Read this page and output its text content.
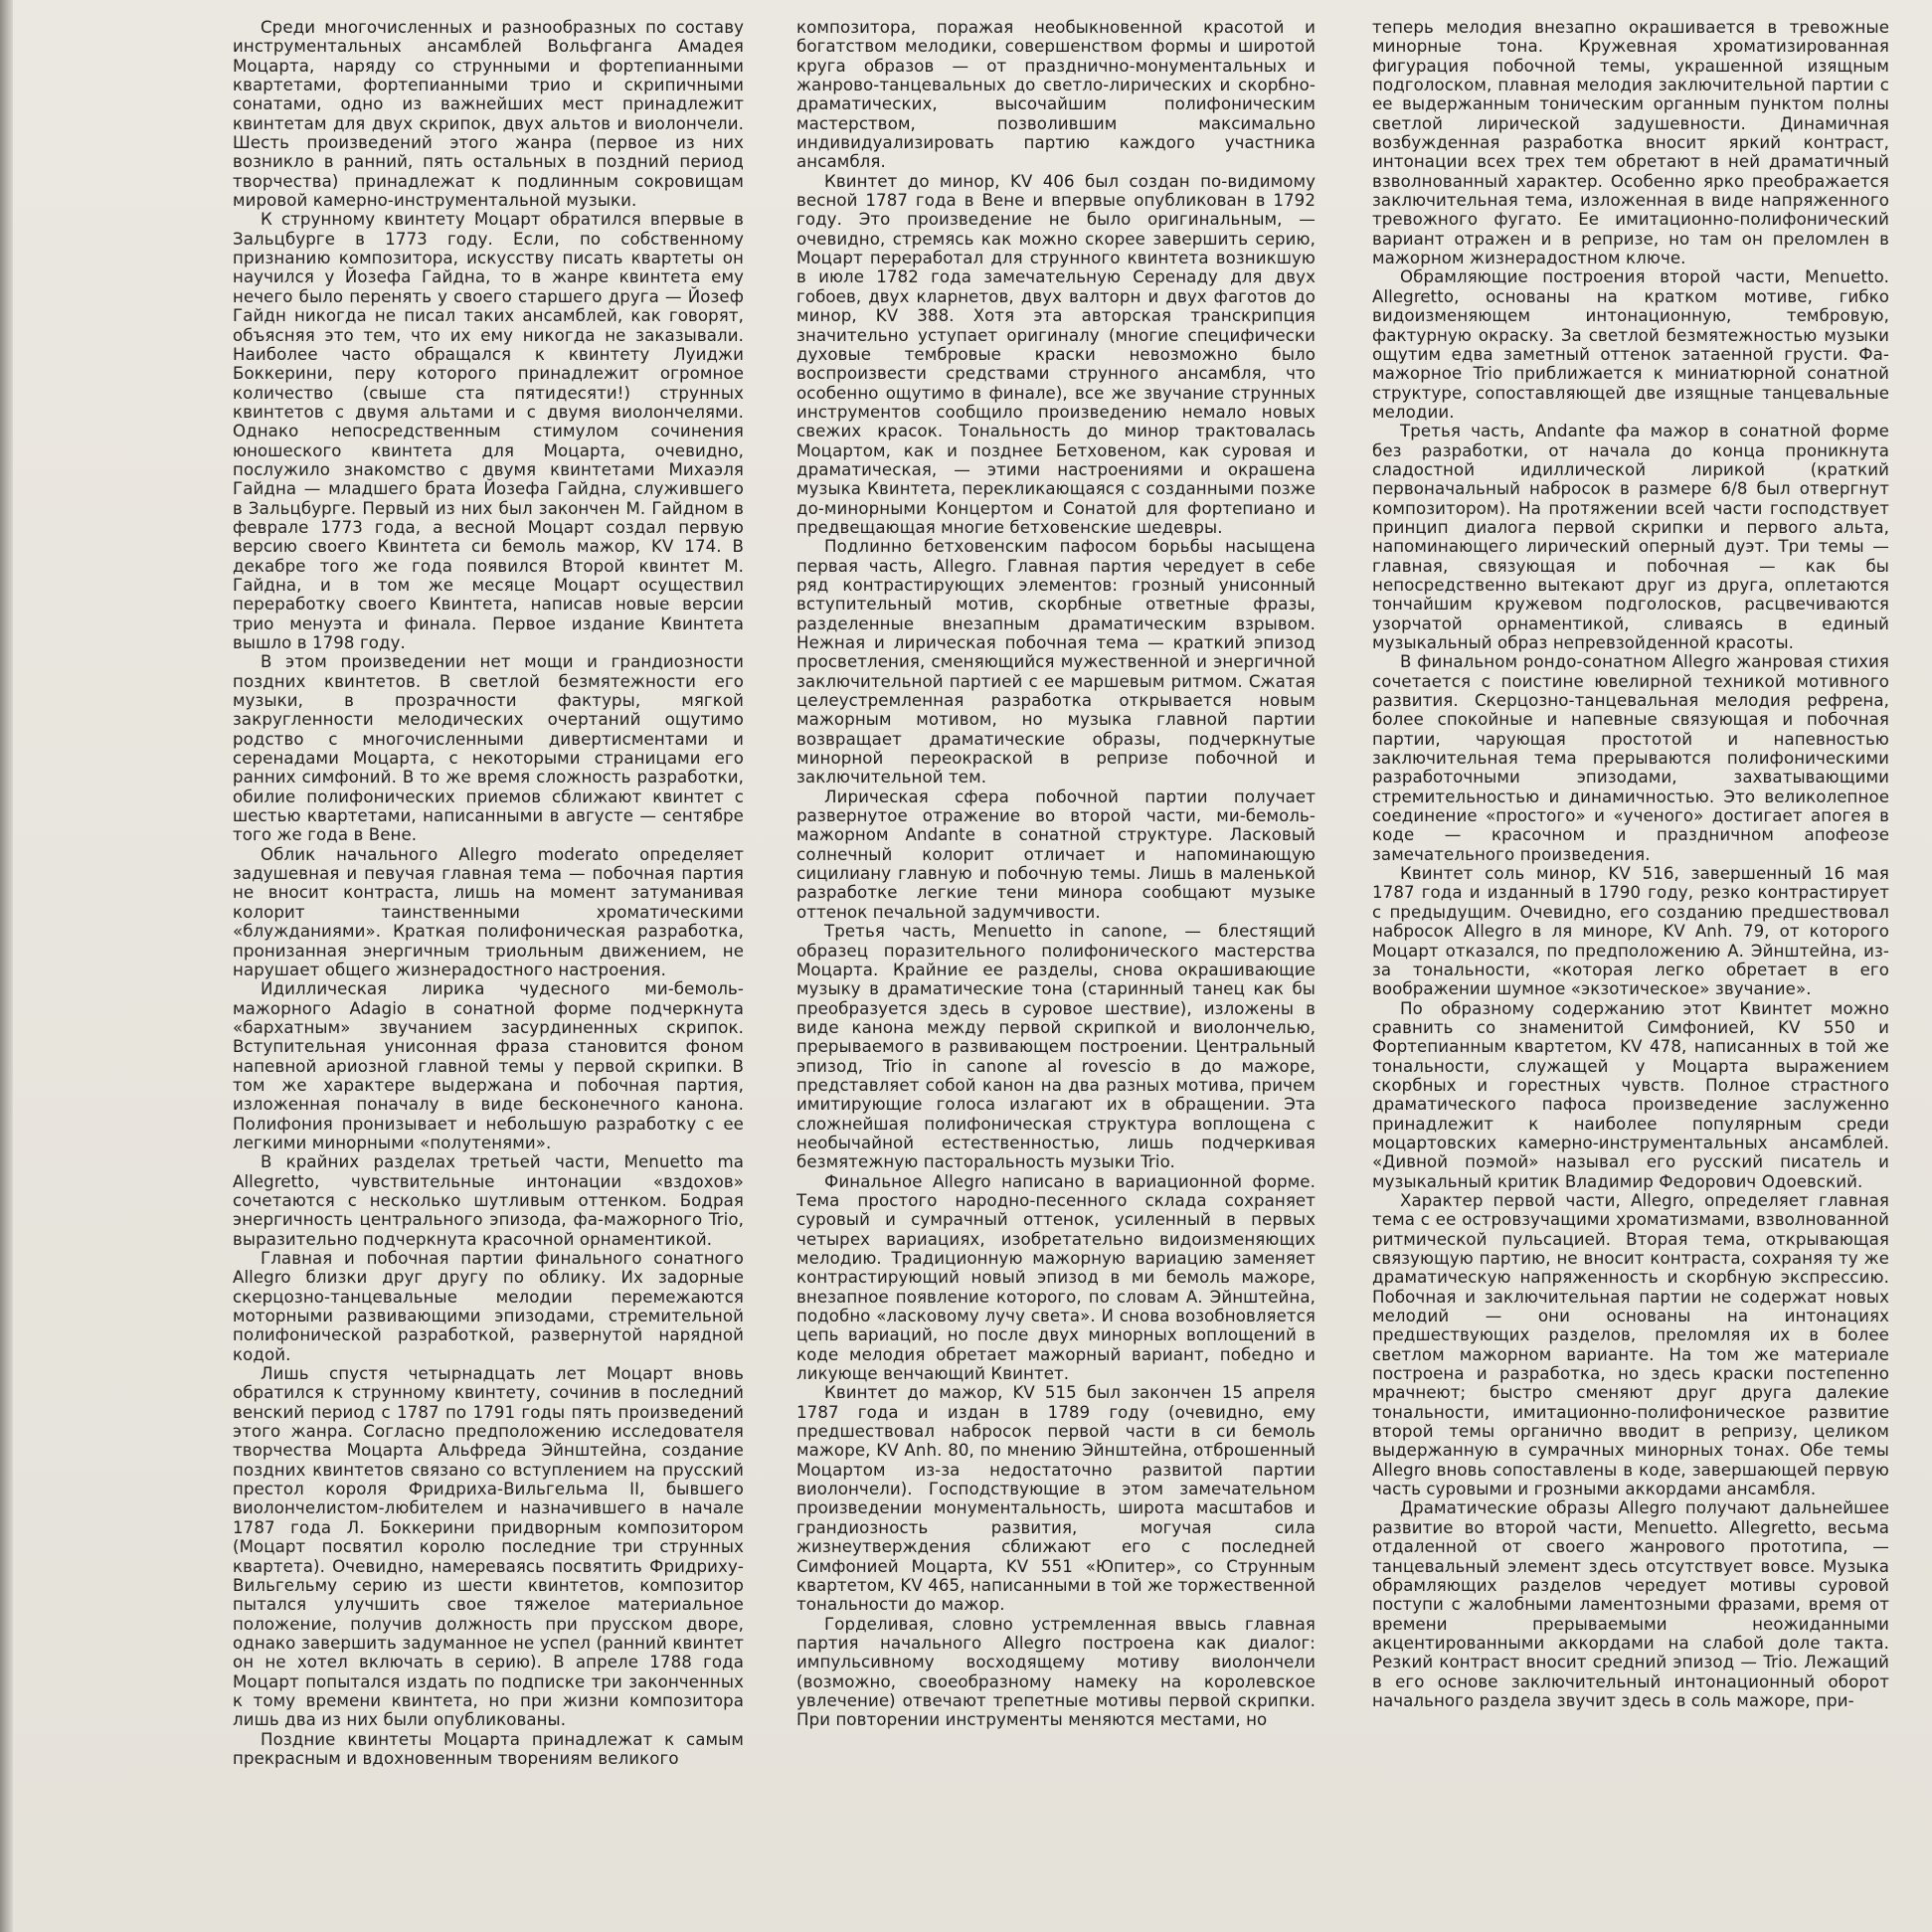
Среди многочисленных и разнообразных по составу инструментальных ансамблей Вольфганга Амадея Моцарта, наряду со струнными и фортепианными квартетами, фортепианными трио и скрипичными сонатами, одно из важнейших мест принадлежит квинтетам для двух скрипок, двух альтов и виолончели. Шесть произведений этого жанра (первое из них возникло в ранний, пять остальных в поздний период творчества) принадлежат к подлинным сокровищам мировой камерно-инструментальной музыки.

К струнному квинтету Моцарт обратился впервые в Зальцбурге в 1773 году. Если, по собственному признанию композитора, искусству писать квартеты он научился у Йозефа Гайдна, то в жанре квинтета ему нечего было перенять у своего старшего друга — Йозеф Гайдн никогда не писал таких ансамблей, как говорят, объясняя это тем, что их ему никогда не заказывали. Наиболее часто обращался к квинтету Луиджи Боккерини, перу которого принадлежит огромное количество (свыше ста пятидесяти!) струнных квинтетов с двумя альтами и с двумя виолончелями. Однако непосредственным стимулом сочинения юношеского квинтета для Моцарта, очевидно, послужило знакомство с двумя квинтетами Михаэля Гайдна — младшего брата Йозефа Гайдна, служившего в Зальцбурге. Первый из них был закончен М. Гайдном в феврале 1773 года, а весной Моцарт создал первую версию своего Квинтета си бемоль мажор, KV 174. В декабре того же года появился Второй квинтет М. Гайдна, и в том же месяце Моцарт осуществил переработку своего Квинтета, написав новые версии трио менуэта и финала. Первое издание Квинтета вышло в 1798 году.

В этом произведении нет мощи и грандиозности поздних квинтетов. В светлой безмятежности его музыки, в прозрачности фактуры, мягкой закругленности мелодических очертаний ощутимо родство с многочисленными дивертисментами и серенадами Моцарта, с некоторыми страницами его ранних симфоний. В то же время сложность разработки, обилие полифонических приемов сближают квинтет с шестью квартетами, написанными в августе — сентябре того же года в Вене.

Облик начального Allegro moderato определяет задушевная и певучая главная тема — побочная партия не вносит контраста, лишь на момент затуманивая колорит таинственными хроматическими «блужданиями». Краткая полифоническая разработка, пронизанная энергичным триольным движением, не нарушает общего жизнерадостного настроения.

Идиллическая лирика чудесного ми-бемоль-мажорного Adagio в сонатной форме подчеркнута «бархатным» звучанием засурдиненных скрипок. Вступительная унисонная фраза становится фоном напевной ариозной главной темы у первой скрипки. В том же характере выдержана и побочная партия, изложенная поначалу в виде бесконечного канона. Полифония пронизывает и небольшую разработку с ее легкими минорными «полутенями».

В крайних разделах третьей части, Menuetto ma Allegretto, чувствительные интонации «вздохов» сочетаются с несколько шутливым оттенком. Бодрая энергичность центрального эпизода, фа-мажорного Trio, выразительно подчеркнута красочной орнаментикой.

Главная и побочная партии финального сонатного Allegro близки друг другу по облику. Их задорные скерцозно-танцевальные мелодии перемежаются моторными развивающими эпизодами, стремительной полифонической разработкой, развернутой нарядной кодой.

Лишь спустя четырнадцать лет Моцарт вновь обратился к струнному квинтету, сочинив в последний венский период с 1787 по 1791 годы пять произведений этого жанра. Согласно предположению исследователя творчества Моцарта Альфреда Эйнштейна, создание поздних квинтетов связано со вступлением на прусский престол короля Фридриха-Вильгельма II, бывшего виолончелистом-любителем и назначившего в начале 1787 года Л. Боккерини придворным композитором (Моцарт посвятил королю последние три струнных квартета). Очевидно, намереваясь посвятить Фридриху-Вильгельму серию из шести квинтетов, композитор пытался улучшить свое тяжелое материальное положение, получив должность при прусском дворе, однако завершить задуманное не успел (ранний квинтет он не хотел включать в серию). В апреле 1788 года Моцарт попытался издать по подписке три законченных к тому времени квинтета, но при жизни композитора лишь два из них были опубликованы.

Поздние квинтеты Моцарта принадлежат к самым прекрасным и вдохновенным творениям великого

композитора, поражая необыкновенной красотой и богатством мелодики, совершенством формы и широтой круга образов — от празднично-монументальных и жанрово-танцевальных до светло-лирических и скорбно-драматических, высочайшим полифоническим мастерством, позволившим максимально индивидуализировать партию каждого участника ансамбля.

Квинтет до минор, KV 406 был создан по-видимому весной 1787 года в Вене и впервые опубликован в 1792 году. Это произведение не было оригинальным, — очевидно, стремясь как можно скорее завершить серию, Моцарт переработал для струнного квинтета возникшую в июле 1782 года замечательную Серенаду для двух гобоев, двух кларнетов, двух валторн и двух фаготов до минор, KV 388. Хотя эта авторская транскрипция значительно уступает оригиналу (многие специфически духовые тембровые краски невозможно было воспроизвести средствами струнного ансамбля, что особенно ощутимо в финале), все же звучание струнных инструментов сообщило произведению немало новых свежих красок. Тональность до минор трактовалась Моцартом, как и позднее Бетховеном, как суровая и драматическая, — этими настроениями и окрашена музыка Квинтета, перекликающаяся с созданными позже до-минорными Концертом и Сонатой для фортепиано и предвещающая многие бетховенские шедевры.

Подлинно бетховенским пафосом борьбы насыщена первая часть, Allegro. Главная партия чередует в себе ряд контрастирующих элементов: грозный унисонный вступительный мотив, скорбные ответные фразы, разделенные внезапным драматическим взрывом. Нежная и лирическая побочная тема — краткий эпизод просветления, сменяющийся мужественной и энергичной заключительной партией с ее маршевым ритмом. Сжатая целеустремленная разработка открывается новым мажорным мотивом, но музыка главной партии возвращает драматические образы, подчеркнутые минорной переокраской в репризе побочной и заключительной тем.

Лирическая сфера побочной партии получает развернутое отражение во второй части, ми-бемоль-мажорном Andante в сонатной структуре. Ласковый солнечный колорит отличает и напоминающую сицилиану главную и побочную темы. Лишь в маленькой разработке легкие тени минора сообщают музыке оттенок печальной задумчивости.

Третья часть, Menuetto in canone, — блестящий образец поразительного полифонического мастерства Моцарта. Крайние ее разделы, снова окрашивающие музыку в драматические тона (старинный танец как бы преобразуется здесь в суровое шествие), изложены в виде канона между первой скрипкой и виолончелью, прерываемого в развивающем построении. Центральный эпизод, Trio in canone al rovescio в до мажоре, представляет собой канон на два разных мотива, причем имитирующие голоса излагают их в обращении. Эта сложнейшая полифоническая структура воплощена с необычайной естественностью, лишь подчеркивая безмятежную пасторальность музыки Trio.

Финальное Allegro написано в вариационной форме. Тема простого народно-песенного склада сохраняет суровый и сумрачный оттенок, усиленный в первых четырех вариациях, изобретательно видоизменяющих мелодию. Традиционную мажорную вариацию заменяет контрастирующий новый эпизод в ми бемоль мажоре, внезапное появление которого, по словам А. Эйнштейна, подобно «ласковому лучу света». И снова возобновляется цепь вариаций, но после двух минорных воплощений в коде мелодия обретает мажорный вариант, победно и ликующе венчающий Квинтет.

Квинтет до мажор, KV 515 был закончен 15 апреля 1787 года и издан в 1789 году (очевидно, ему предшествовал набросок первой части в си бемоль мажоре, KV Anh. 80, по мнению Эйнштейна, отброшенный Моцартом из-за недостаточно развитой партии виолончели). Господствующие в этом замечательном произведении монументальность, широта масштабов и грандиозность развития, могучая сила жизнеутверждения сближают его с последней Симфонией Моцарта, KV 551 «Юпитер», со Струнным квартетом, KV 465, написанными в той же торжественной тональности до мажор.

Горделивая, словно устремленная ввысь главная партия начального Allegro построена как диалог: импульсивному восходящему мотиву виолончели (возможно, своеобразному намеку на королевское увлечение) отвечают трепетные мотивы первой скрипки. При повторении инструменты меняются местами, но

теперь мелодия внезапно окрашивается в тревожные минорные тона. Кружевная хроматизированная фигурация побочной темы, украшенной изящным подголоском, плавная мелодия заключительной партии с ее выдержанным тоническим органным пунктом полны светлой лирической задушевности. Динамичная возбужденная разработка вносит яркий контраст, интонации всех трех тем обретают в ней драматичный взволнованный характер. Особенно ярко преображается заключительная тема, изложенная в виде напряженного тревожного фугато. Ее имитационно-полифонический вариант отражен и в репризе, но там он преломлен в мажорном жизнерадостном ключе.

Обрамляющие построения второй части, Menuetto. Allegretto, основаны на кратком мотиве, гибко видоизменяющем интонационную, тембровую, фактурную окраску. За светлой безмятежностью музыки ощутим едва заметный оттенок затаенной грусти. Фа-мажорное Trio приближается к миниатюрной сонатной структуре, сопоставляющей две изящные танцевальные мелодии.

Третья часть, Andante фа мажор в сонатной форме без разработки, от начала до конца проникнута сладостной идиллической лирикой (краткий первоначальный набросок в размере 6/8 был отвергнут композитором). На протяжении всей части господствует принцип диалога первой скрипки и первого альта, напоминающего лирический оперный дуэт. Три темы — главная, связующая и побочная — как бы непосредственно вытекают друг из друга, оплетаются тончайшим кружевом подголосков, расцвечиваются узорчатой орнаментикой, сливаясь в единый музыкальный образ непревзойденной красоты.

В финальном рондо-сонатном Allegro жанровая стихия сочетается с поистине ювелирной техникой мотивного развития. Скерцозно-танцевальная мелодия рефрена, более спокойные и напевные связующая и побочная партии, чарующая простотой и напевностью заключительная тема прерываются полифоническими разработочными эпизодами, захватывающими стремительностью и динамичностью. Это великолепное соединение «простого» и «ученого» достигает апогея в коде — красочном и праздничном апофеозе замечательного произведения.

Квинтет соль минор, KV 516, завершенный 16 мая 1787 года и изданный в 1790 году, резко контрастирует с предыдущим. Очевидно, его созданию предшествовал набросок Allegro в ля миноре, KV Anh. 79, от которого Моцарт отказался, по предположению А. Эйнштейна, из-за тональности, «которая легко обретает в его воображении шумное «экзотическое» звучание».

По образному содержанию этот Квинтет можно сравнить со знаменитой Симфонией, KV 550 и Фортепианным квартетом, KV 478, написанных в той же тональности, служащей у Моцарта выражением скорбных и горестных чувств. Полное страстного драматического пафоса произведение заслуженно принадлежит к наиболее популярным среди моцартовских камерно-инструментальных ансамблей. «Дивной поэмой» называл его русский писатель и музыкальный критик Владимир Федорович Одоевский.

Характер первой части, Allegro, определяет главная тема с ее островзучащими хроматизмами, взволнованной ритмической пульсацией. Вторая тема, открывающая связующую партию, не вносит контраста, сохраняя ту же драматическую напряженность и скорбную экспрессию. Побочная и заключительная партии не содержат новых мелодий — они основаны на интонациях предшествующих разделов, преломляя их в более светлом мажорном варианте. На том же материале построена и разработка, но здесь краски постепенно мрачнеют; быстро сменяют друг друга далекие тональности, имитационно-полифоническое развитие второй темы органично вводит в репризу, целиком выдержанную в сумрачных минорных тонах. Обе темы Allegro вновь сопоставлены в коде, завершающей первую часть суровыми и грозными аккордами ансамбля.

Драматические образы Allegro получают дальнейшее развитие во второй части, Menuetto. Allegretto, весьма отдаленной от своего жанрового прототипа, — танцевальный элемент здесь отсутствует вовсе. Музыка обрамляющих разделов чередует мотивы суровой поступи с жалобными ламентозными фразами, время от времени прерываемыми неожиданными акцентированными аккордами на слабой доле такта. Резкий контраст вносит средний эпизод — Trio. Лежащий в его основе заключительный интонационный оборот начального раздела звучит здесь в соль мажоре, при-
